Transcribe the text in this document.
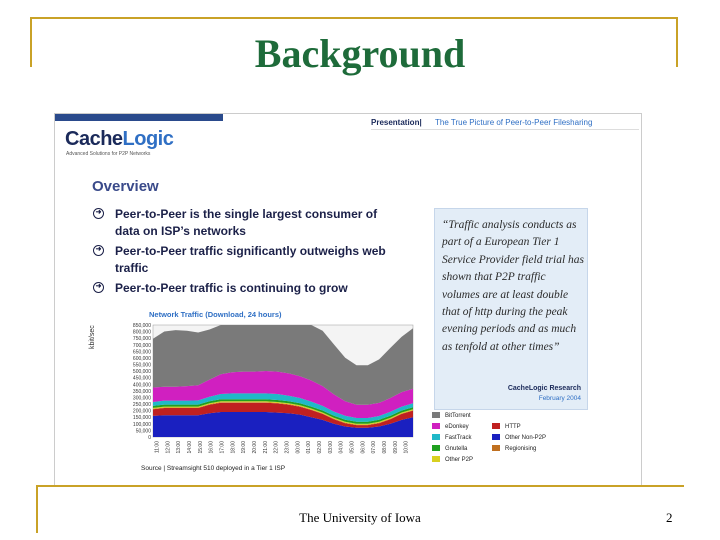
Background
CacheLogic
Advanced Solutions for P2P Networks
Presentation| The True Picture of Peer-to-Peer Filesharing
Overview
➜ Peer-to-Peer is the single largest consumer of data on ISP’s networks
➜ Peer-to-Peer traffic significantly outweighs web traffic
➜ Peer-to-Peer traffic is continuing to grow
“Traffic analysis conducts as part of a European Tier 1 Service Provider field trial has shown that P2P traffic volumes are at least double that of http during the peak evening periods and as much as tenfold at other times”
CacheLogic Research
February 2004
Network Traffic (Download, 24 hours)
kbit/sec	850,000
800,000
750,000
700,000
650,000
600,000
550,000
500,000
450,000
400,000
350,000
300,000
250,000
200,000
150,000
100,000
50,000
0
11:00 12:00 13:00 14:00 15:00 16:00 17:00 18:00 19:00 20:00 21:00 22:00 23:00 00:00 01:00 02:00 03:00 04:00 05:00 06:00 07:00 08:00 09:00 10:00
BitTorrent
eDonkey
FastTrack
Gnutella
Other P2P
HTTP
Other Non-P2P
Regionising
Source | Streamsight 510 deployed in a Tier 1 ISP
The University of Iowa	2
